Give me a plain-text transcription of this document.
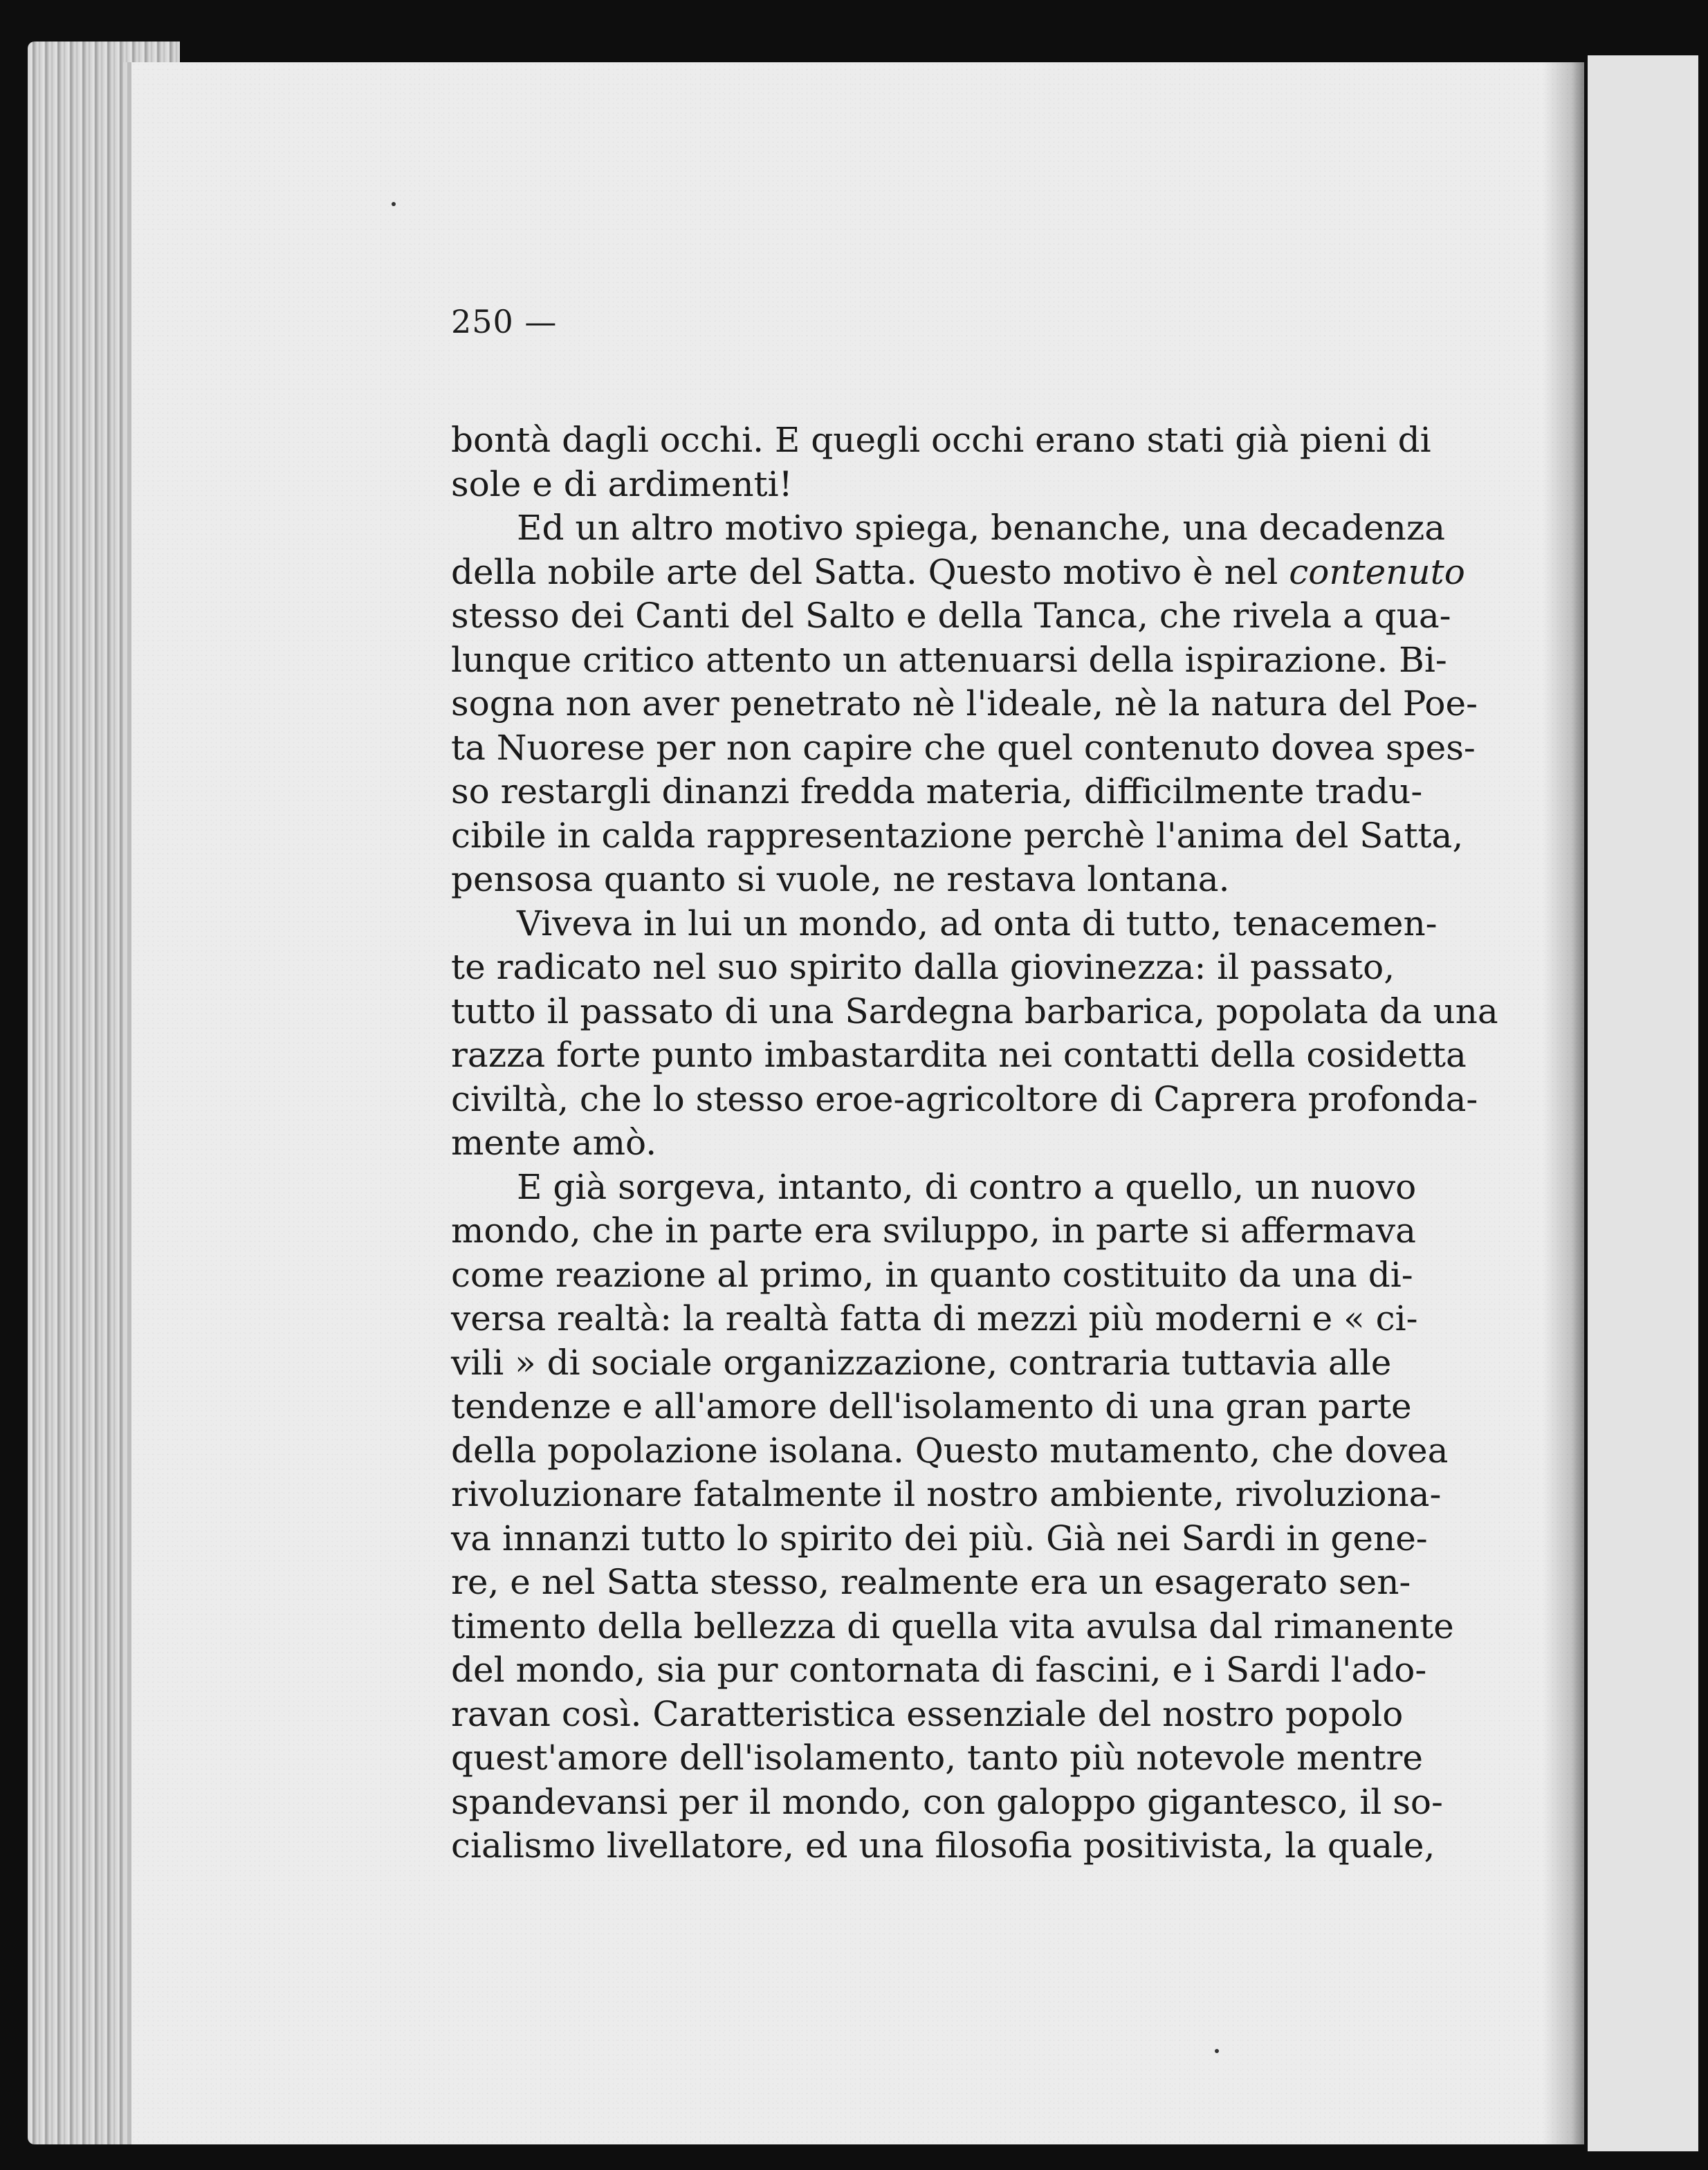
250 —
bontà dagli occhi. E quegli occhi erano stati già pieni di
sole e di ardimenti!
Ed un altro motivo spiega, benanche, una decadenza
della nobile arte del Satta. Questo motivo è nel contenuto
stesso dei Canti del Salto e della Tanca, che rivela a qua-
lunque critico attento un attenuarsi della ispirazione. Bi-
sogna non aver penetrato nè l'ideale, nè la natura del Poe-
ta Nuorese per non capire che quel contenuto dovea spes-
so restargli dinanzi fredda materia, difficilmente tradu-
cibile in calda rappresentazione perchè l'anima del Satta,
pensosa quanto si vuole, ne restava lontana.
Viveva in lui un mondo, ad onta di tutto, tenacemen-
te radicato nel suo spirito dalla giovinezza: il passato,
tutto il passato di una Sardegna barbarica, popolata da una
razza forte punto imbastardita nei contatti della cosidetta
civiltà, che lo stesso eroe-agricoltore di Caprera profonda-
mente amò.
E già sorgeva, intanto, di contro a quello, un nuovo
mondo, che in parte era sviluppo, in parte si affermava
come reazione al primo, in quanto costituito da una di-
versa realtà: la realtà fatta di mezzi più moderni e « ci-
vili » di sociale organizzazione, contraria tuttavia alle
tendenze e all'amore dell'isolamento di una gran parte
della popolazione isolana. Questo mutamento, che dovea
rivoluzionare fatalmente il nostro ambiente, rivoluziona-
va innanzi tutto lo spirito dei più. Già nei Sardi in gene-
re, e nel Satta stesso, realmente era un esagerato sen-
timento della bellezza di quella vita avulsa dal rimanente
del mondo, sia pur contornata di fascini, e i Sardi l'ado-
ravan così. Caratteristica essenziale del nostro popolo
quest'amore dell'isolamento, tanto più notevole mentre
spandevansi per il mondo, con galoppo gigantesco, il so-
cialismo livellatore, ed una filosofia positivista, la quale,
